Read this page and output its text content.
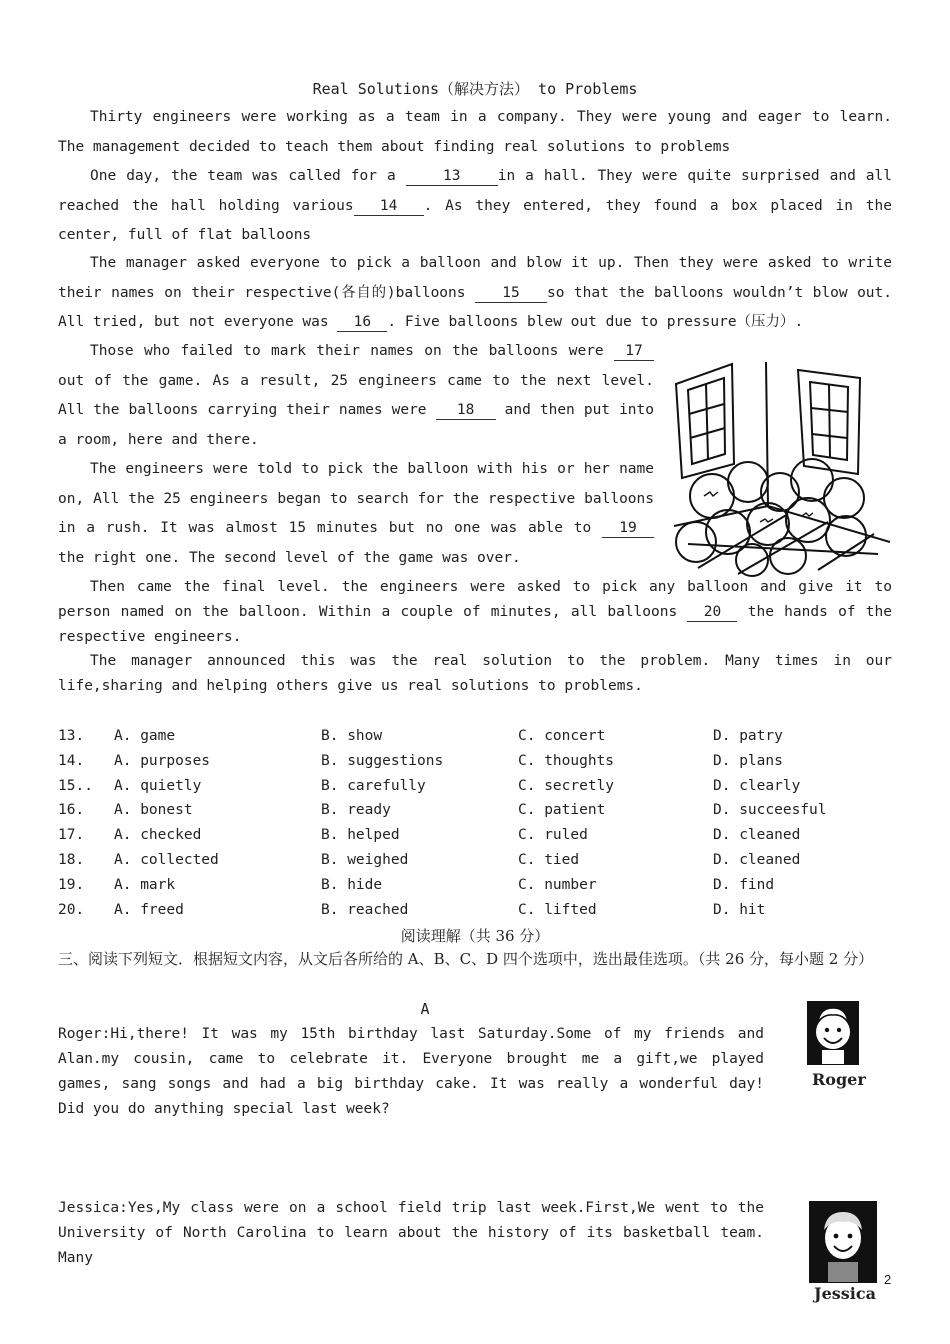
Real Solutions（解决方法） to Problems
Thirty engineers were working as a team in a company. They were young and eager to learn. The management decided to teach them about finding real solutions to problems
One day, the team was called for a	13	in a hall. They were quite surprised and all reached the hall holding various 14 . As they entered, they found a box placed in the center, full of flat balloons
The manager asked everyone to pick a balloon and blow it up. Then they were asked to write their names on their respective(各自的)balloons 15 so that the balloons wouldn’t blow out. All tried, but not everyone was 16 . Five balloons blew out due to pressure（压力）.
Those who failed to mark their names on the balloons were 17 out of the game. As a result, 25 engineers came to the next level. All the balloons carrying their names were 18 and then put into a room, here and there.
The engineers were told to pick the balloon with his or her name on, All the 25 engineers began to search for the respective balloons in a rush. It was almost 15 minutes but no one was able to 19 the right one. The second level of the game was over.
Then came the final level. the engineers were asked to pick any balloon and give it to person named on the balloon. Within a couple of minutes, all balloons 20 the hands of the respective engineers.
The manager announced this was the real solution to the problem. Many times in our life,sharing and helping others give us real solutions to problems.
13. A. game	B. show	C. concert	D. patry
14. A. purposes	B. suggestions	C. thoughts	D. plans
15.. A. quietly	B. carefully	C. secretly	D. clearly
16. A. bonest	B. ready	C. patient	D. succeesful
17. A. checked	B. helped	C. ruled	D. cleaned
18. A. collected	B. weighed	C. tied	D. cleaned
19. A. mark	B. hide	C. number	D. find
20. A. freed	B. reached	C. lifted	D. hit
阅读理解（共 36 分）
三、阅读下列短文．根据短文内容，从文后各所给的 A、B、C、D 四个选项中，选出最佳选项。（共 26 分，每小题 2 分）
A
Roger:Hi,there! It was my 15th birthday last Saturday.Some of my friends and Alan.my cousin, came to celebrate it. Everyone brought me a gift,we played games, sang songs and had a big birthday cake. It was really a wonderful day! Did you do anything special last week?
Roger
Jessica:Yes,My class were on a school field trip last week.First,We went to the University of North Carolina to learn about the history of its basketball team. Many
Jessica
2
